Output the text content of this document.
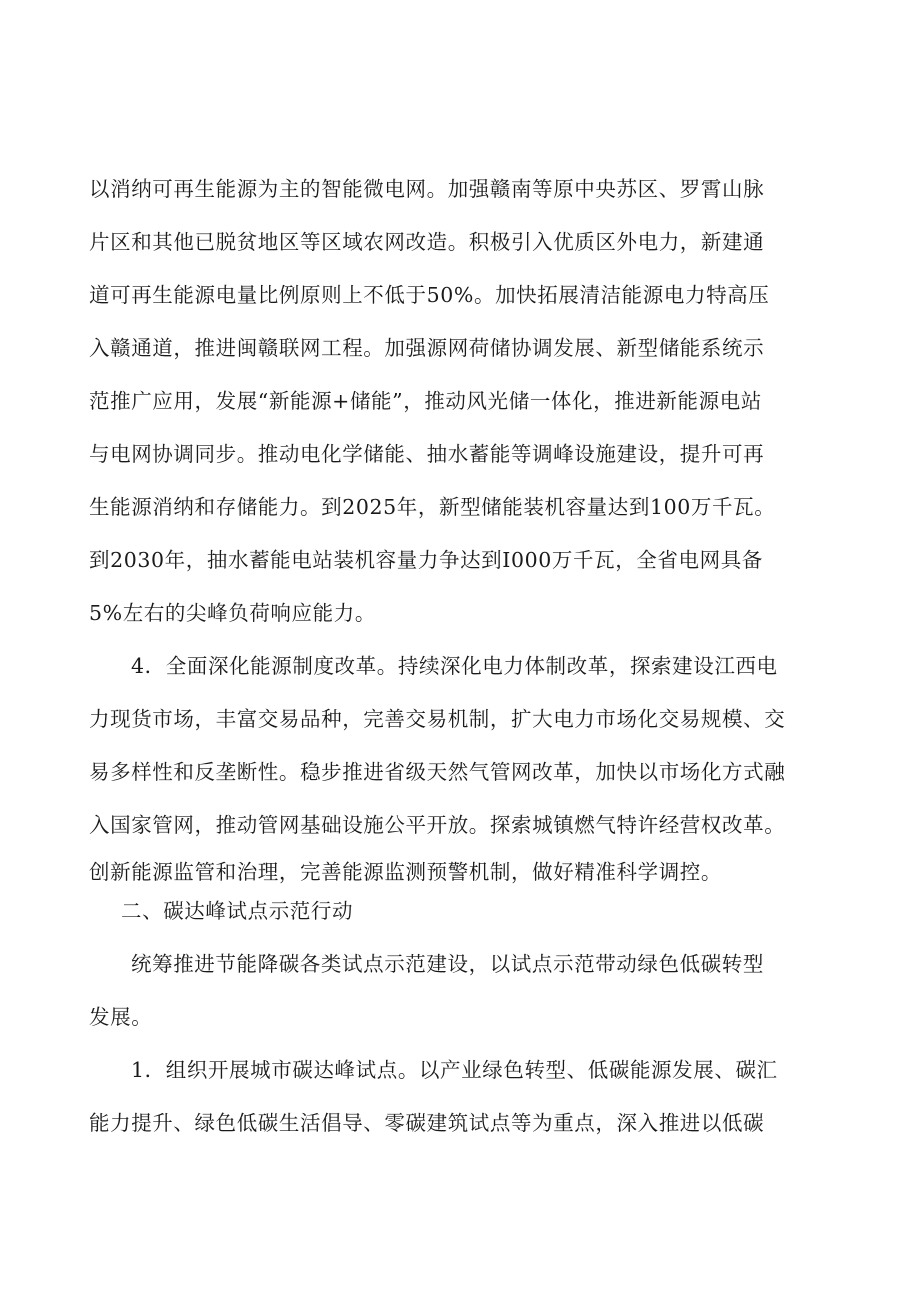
以消纳可再生能源为主的智能微电网。加强赣南等原中央苏区、罗霄山脉
片区和其他已脱贫地区等区域农网改造。积极引入优质区外电力，新建通
道可再生能源电量比例原则上不低于50%。加快拓展清洁能源电力特高压
入赣通道，推进闽赣联网工程。加强源网荷储协调发展、新型储能系统示
范推广应用，发展“新能源+储能”，推动风光储一体化，推进新能源电站
与电网协调同步。推动电化学储能、抽水蓄能等调峰设施建设，提升可再
生能源消纳和存储能力。到2025年，新型储能装机容量达到100万千瓦。
到2030年，抽水蓄能电站装机容量力争达到I000万千瓦，全省电网具备
5%左右的尖峰负荷响应能力。
4．全面深化能源制度改革。持续深化电力体制改革，探索建设江西电
力现货市场，丰富交易品种，完善交易机制，扩大电力市场化交易规模、交
易多样性和反垄断性。稳步推进省级天然气管网改革，加快以市场化方式融
入国家管网，推动管网基础设施公平开放。探索城镇燃气特许经营权改革。
创新能源监管和治理，完善能源监测预警机制，做好精准科学调控。
二、碳达峰试点示范行动
统筹推进节能降碳各类试点示范建设，以试点示范带动绿色低碳转型
发展。
1．组织开展城市碳达峰试点。以产业绿色转型、低碳能源发展、碳汇
能力提升、绿色低碳生活倡导、零碳建筑试点等为重点，深入推进以低碳
